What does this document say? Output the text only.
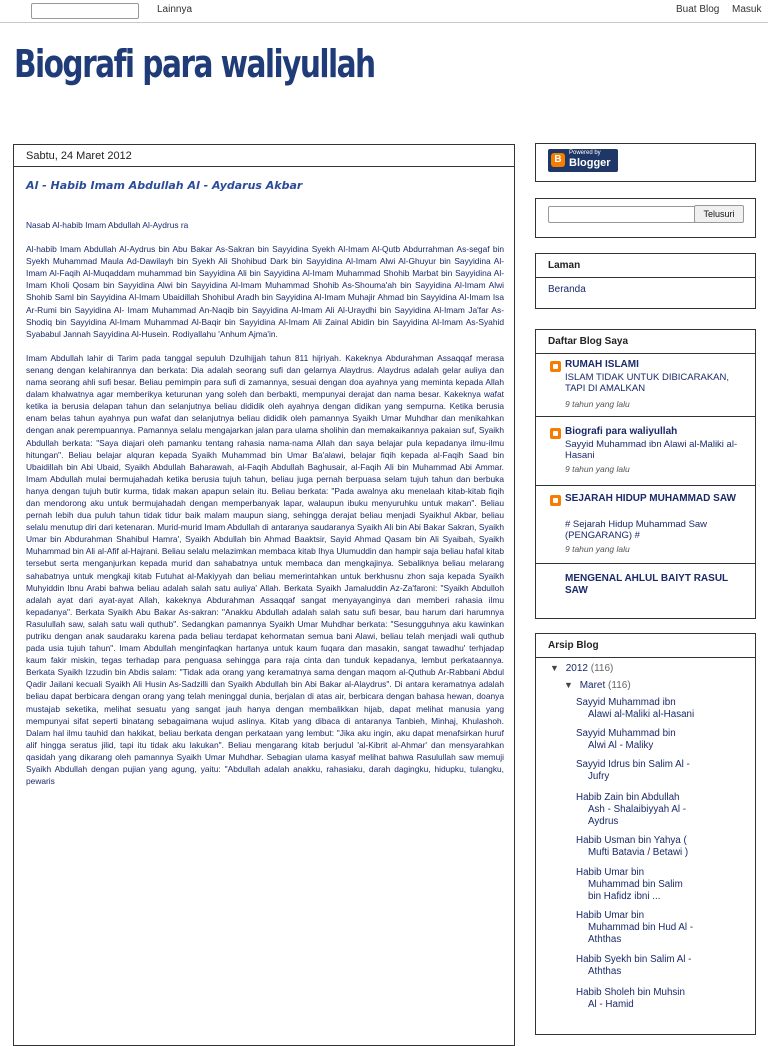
Lainnya	Buat Blog Masuk
Biografi para waliyullah
Sabtu, 24 Maret 2012
Al - Habib Imam Abdullah Al - Aydarus Akbar

Nasab Al-habib Imam Abdullah Al-Aydrus ra

Al-habib Imam Abdullah Al-Aydrus bin Abu Bakar As-Sakran bin Sayyidina Syekh Al-Imam Al-Qutb Abdurrahman As-segaf bin Syekh Muhammad Maula Ad-Dawilayh bin Syekh Ali Shohibud Dark bin Sayyidina Al-Imam Alwi Al-Ghuyur bin Sayyidina Al-Imam Al-Faqih Al-Muqaddam muhammad bin Sayyidina Ali bin Sayyidina Al-Imam Muhammad Shohib Marbat bin Sayyidina Al-Imam Kholi Qosam bin Sayyidina Alwi bin Sayyidina Al-Imam Muhammad Shohib As-Shouma'ah bin Sayyidina Al-Imam Alwi Shohib Saml bin Sayyidina Al-Imam Ubaidillah Shohibul Aradh bin Sayyidina Al-Imam Muhajir Ahmad bin Sayyidina Al-Imam Isa Ar-Rumi bin Sayyidina Al- Imam Muhammad An-Naqib bin Sayyidina Al-Imam Ali Al-Uraydhi bin Sayyidina Al-Imam Ja'far As-Shodiq bin Sayyidina Al-Imam Muhammad Al-Baqir bin Sayyidina Al-Imam Ali Zainal Abidin bin Sayyidina Al-Imam As-Syahid Syababul Jannah Sayyidina Al-Husein. Rodiyallahu 'Anhum Ajma'in.

Imam Abdullah lahir di Tarim pada tanggal sepuluh Dzulhijjah tahun 811 hijriyah. Kakeknya Abdurahman Assaqqaf merasa senang dengan kelahirannya dan berkata: Dia adalah seorang sufi dan gelarnya Alaydrus. Alaydrus adalah gelar auliya dan nama seorang ahli sufi besar. Beliau pemimpin para sufi di zamannya, sesuai dengan doa ayahnya yang meminta kepada Allah dalam khalwatnya agar memberikya keturunan yang soleh dan berbakti, mempunyai derajat dan nama besar. Kakeknya wafat ketika ia berusia delapan tahun dan selanjutnya beliau dididik oleh ayahnya dengan didikan yang sempurna. Ketika berusia enam belas tahun ayahnya pun wafat dan selanjutnya beliau dididik oleh pamannya Syaikh Umar Muhdhar dan menikahkan dengan anak perempuannya. Pamannya selalu mengajarkan jalan para ulama sholihin dan memakaikannya pakaian suf, Syaikh Abdullah berkata: "Saya diajari oleh pamanku tentang rahasia nama-nama Allah dan saya belajar pula kepadanya ilmu-ilmu hitungan". Beliau belajar alquran kepada Syaikh Muhammad bin Umar Ba'alawi, belajar fiqih kepada al-Faqih Saad bin Ubaidillah bin Abi Ubaid, Syaikh Abdullah Baharawah, al-Faqih Abdullah Baghusair, al-Faqih Ali bin Muhammad Abi Ammar. Imam Abdullah mulai bermujahadah ketika berusia tujuh tahun, beliau juga pernah berpuasa selam tujuh tahun dan berbuka hanya dengan tujuh butir kurma, tidak makan apapun selain itu. Beliau berkata: "Pada awalnya aku menelaah kitab-kitab fiqih dan mendorong aku untuk bermujahadah dengan memperbanyak lapar, walaupun ibuku menyuruhku untuk makan". Beliau pernah lebih dua puluh tahun tidak tidur baik malam maupun siang, sehingga derajat beliau menjadi Syaikhul Akbar, beliau selalu menutup diri dari ketenaran. Murid-murid Imam Abdullah di antaranya saudaranya Syaikh Ali bin Abi Bakar Sakran, Syaikh Umar bin Abdurahman Shahibul Hamra', Syaikh Abdullah bin Ahmad Baaktsir, Sayid Ahmad Qasam bin Ali Syaibah, Syaikh Muhammad bin Ali al-Afif al-Hajrani. Beliau selalu melazimkan membaca kitab Ihya Ulumuddin dan hampir saja beliau hafal kitab tersebut serta menganjurkan kepada murid dan sahabatnya untuk membaca dan mengkajinya. Sebaliknya beliau melarang sahabatnya untuk mengkaji kitab Futuhat al-Makiyyah dan beliau memerintahkan untuk berkhusnu zhon saja kepada Syaikh Muhyiddin Ibnu Arabi bahwa beliau adalah salah satu auliya' Allah. Berkata Syaikh Jamaluddin Az-Za'faroni: "Syaikh Abdulloh adalah ayat dari ayat-ayat Allah, kakeknya Abdurahman Assaqqaf sangat menyayanginya dan memberi rahasia ilmu kepadanya". Berkata Syaikh Abu Bakar As-sakran: "Anakku Abdullah adalah salah satu sufi besar, bau harum dari harumnya Rasulullah saw, salah satu wali quthub". Sedangkan pamannya Syaikh Umar Muhdhar berkata: "Sesungguhnya aku kawinkan putriku dengan anak saudaraku karena pada beliau terdapat kehormatan semua bani Alawi, beliau telah menjadi wali quthub pada usia tujuh tahun". Imam Abdullah menginfaqkan hartanya untuk kaum fuqara dan masakin, sangat tawadhu' terhjadap kaum fakir miskin, tegas terhadap para penguasa sehingga para raja cinta dan tunduk kepadanya, lembut perkataannya. Berkata Syaikh Izzudin bin Abdis salam: "Tidak ada orang yang keramatnya sama dengan maqom al-Quthub Ar-Rabbani Abdul Qadir Jailani kecuali Syaikh Ali Husin As-Sadzilli dan Syaikh Abdullah bin Abi Bakar al-Alaydrus". Di antara keramatnya adalah beliau dapat berbicara dengan orang yang telah meninggal dunia, berjalan di atas air, berbicara dengan bahasa hewan, doanya mustajab seketika, melihat sesuatu yang sangat jauh hanya dengan membalikkan hijab, dapat melihat manusia yang mempunyai sifat seperti binatang sebagaimana wujud aslinya. Kitab yang dibaca di antaranya Tanbieh, Minhaj, Khulashoh. Dalam hal ilmu tauhid dan hakikat, beliau berkata dengan perkataan yang lembut: "Jika aku ingin, aku dapat menafsirkan huruf alif hingga seratus jilid, tapi itu tidak aku lakukan". Beliau mengarang kitab berjudul 'al-Kibrit al-Ahmar' dan mensyarahkan qasidah yang dikarang oleh pamannya Syaikh Umar Muhdhar. Sebagian ulama kasyaf melihat bahwa Rasulullah saw memuji Syaikh Abdullah dengan pujian yang agung, yaitu: "Abdullah adalah anakku, rahasiaku, darah dagingku, hidupku, tulangku, pewaris

B
Powered by
Blogger
Telusuri
Laman
Beranda
Daftar Blog Saya
RUMAH ISLAMI
ISLAM TIDAK UNTUK DIBICARAKAN, TAPI DI AMALKAN
9 tahun yang lalu
Biografi para waliyullah
Sayyid Muhammad ibn Alawi al-Maliki al-Hasani
9 tahun yang lalu
SEJARAH HIDUP MUHAMMAD SAW
# Sejarah Hidup Muhammad Saw (PENGARANG) #
9 tahun yang lalu
MENGENAL AHLUL BAIYT RASUL SAW
Arsip Blog
▼ 2012 (116)
▼ Maret (116)
Sayyid Muhammad ibn
Alawi al-Maliki al-Hasani
Sayyid Muhammad bin
Alwi Al - Maliky
Sayyid Idrus bin Salim Al -
Jufry
Habib Zain bin Abdullah
Ash - Shalaibiyyah Al -
Aydrus
Habib Usman bin Yahya (
Mufti Batavia / Betawi )
Habib Umar bin
Muhammad bin Salim
bin Hafidz ibni ...
Habib Umar bin
Muhammad bin Hud Al -
Aththas
Habib Syekh bin Salim Al -
Aththas
Habib Sholeh bin Muhsin
Al - Hamid
